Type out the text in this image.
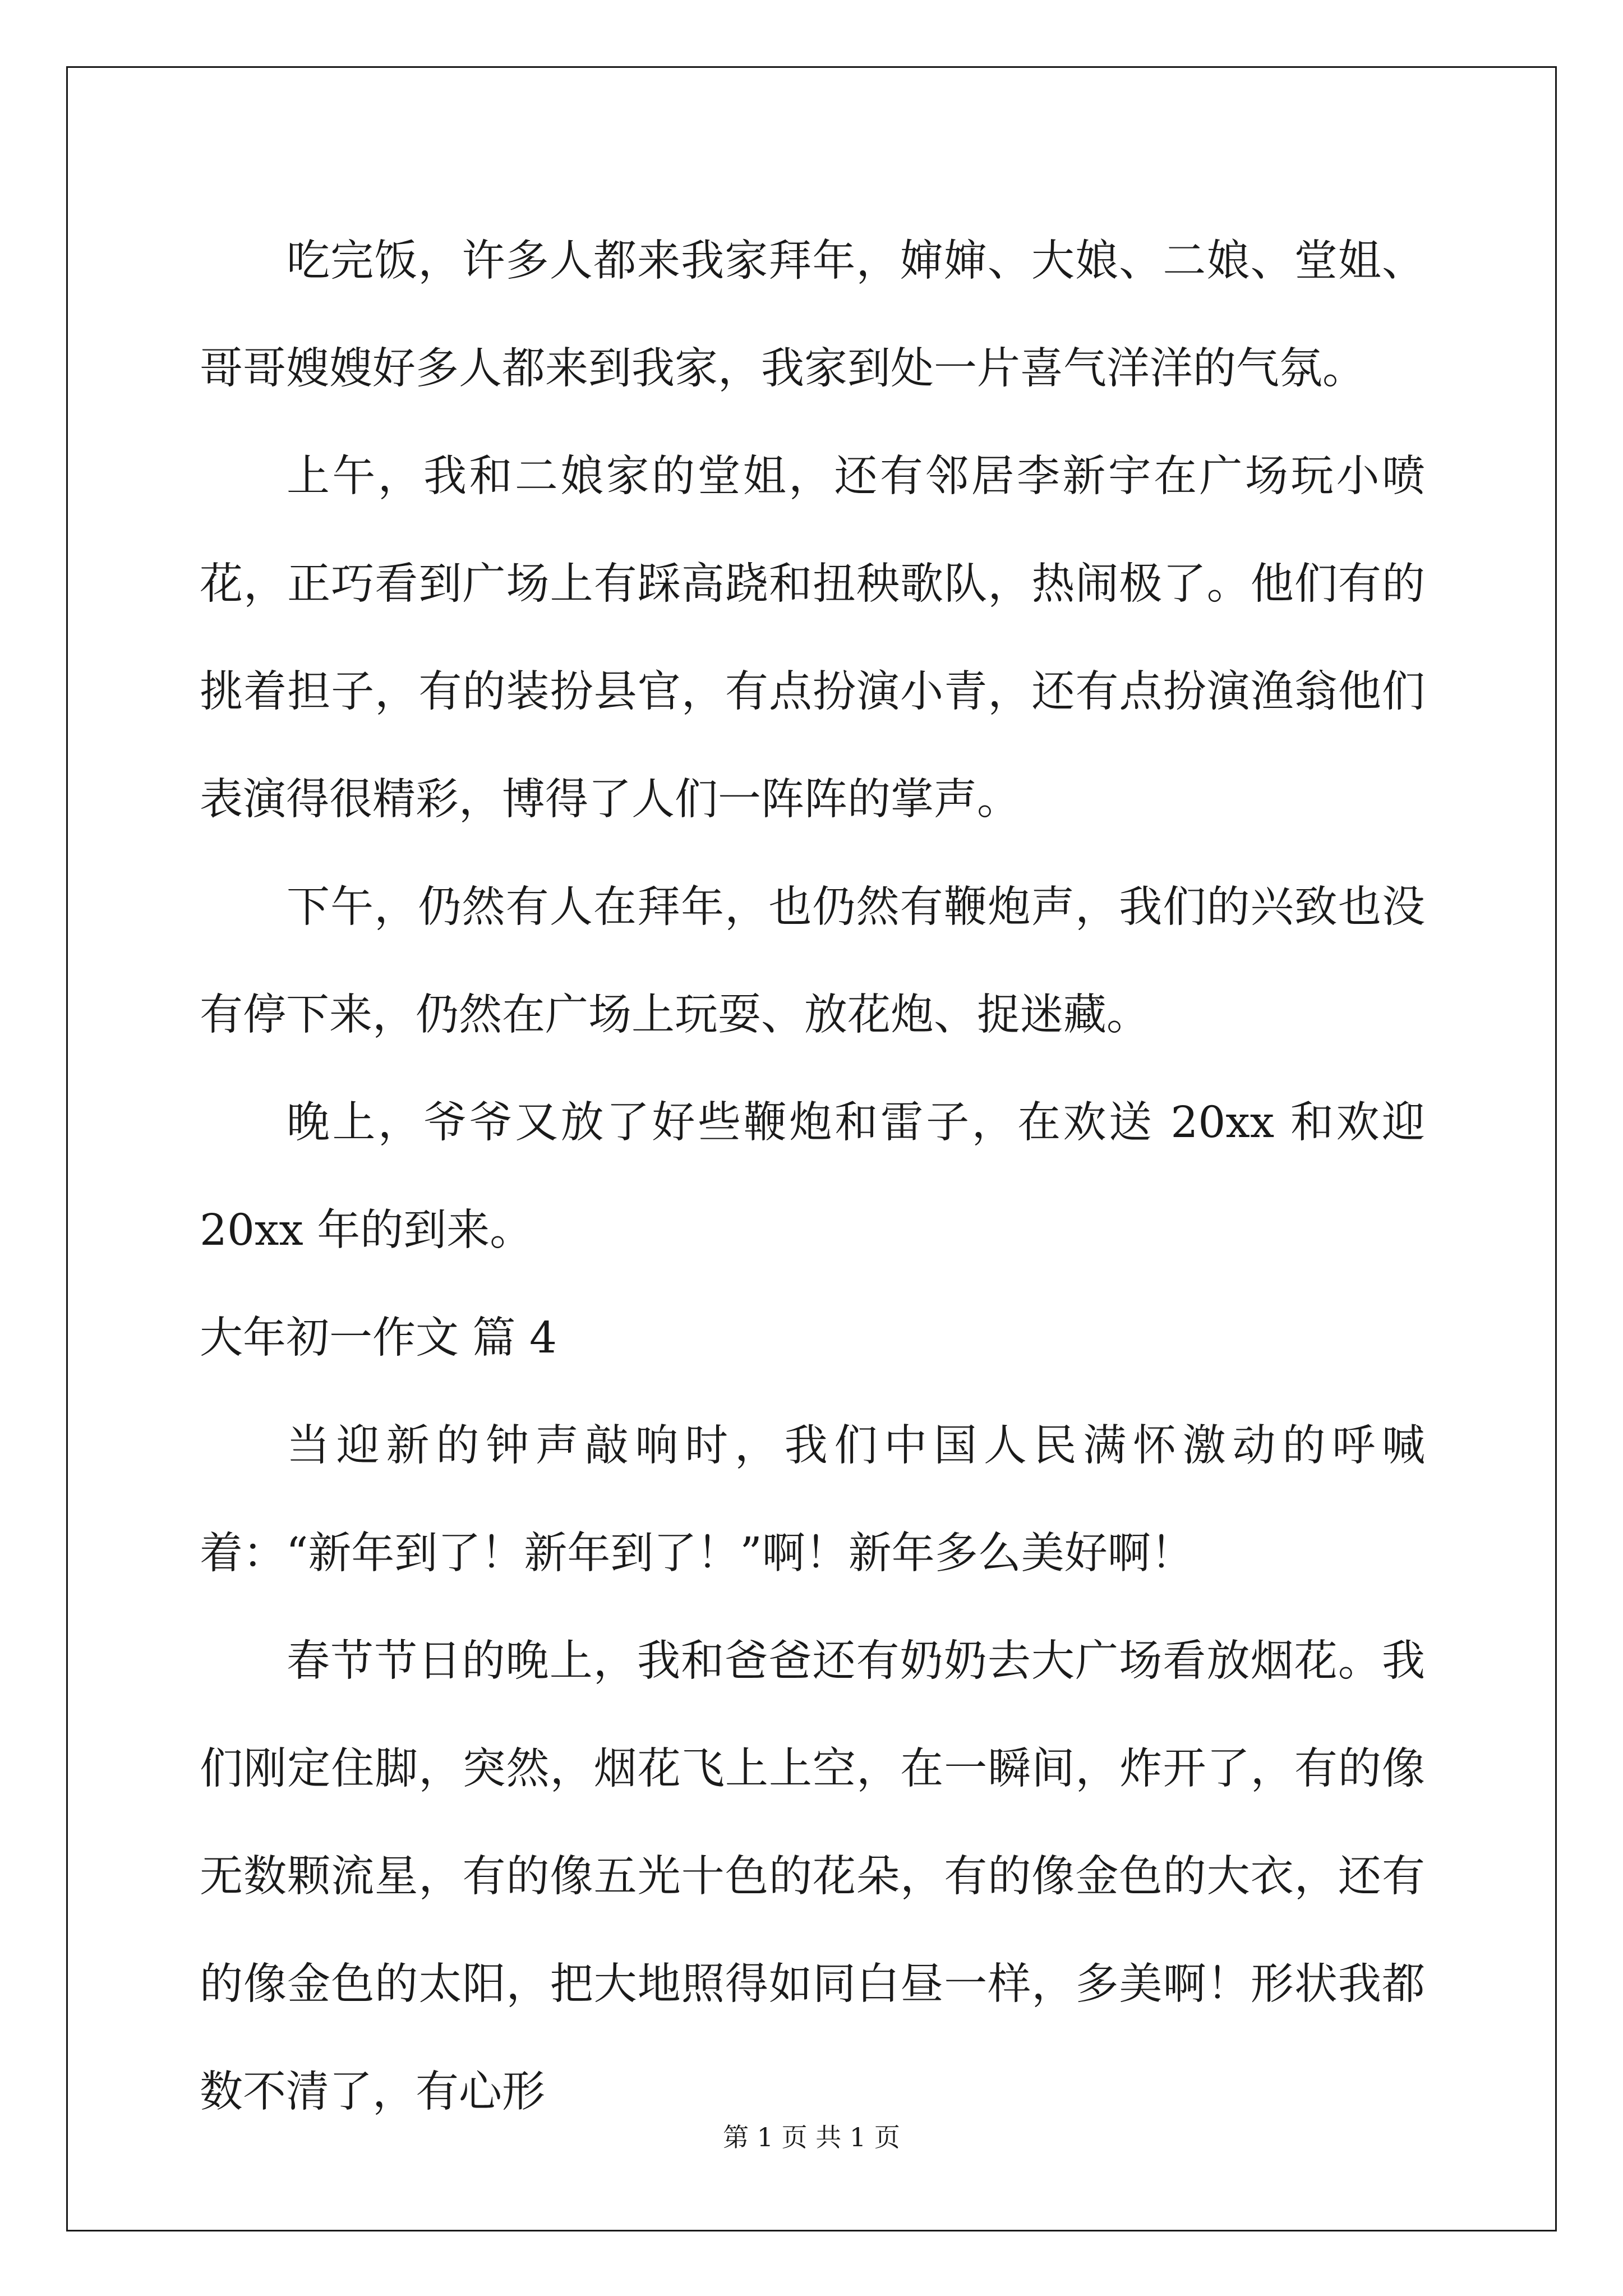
吃完饭，许多人都来我家拜年，婶婶、大娘、二娘、堂姐、哥哥嫂嫂好多人都来到我家，我家到处一片喜气洋洋的气氛。

上午，我和二娘家的堂姐，还有邻居李新宇在广场玩小喷花，正巧看到广场上有踩高跷和扭秧歌队，热闹极了。他们有的挑着担子，有的装扮县官，有点扮演小青，还有点扮演渔翁他们表演得很精彩，博得了人们一阵阵的掌声。

下午，仍然有人在拜年，也仍然有鞭炮声，我们的兴致也没有停下来，仍然在广场上玩耍、放花炮、捉迷藏。

晚上，爷爷又放了好些鞭炮和雷子，在欢送 20xx 和欢迎 20xx 年的到来。

大年初一作文 篇 4

当迎新的钟声敲响时，我们中国人民满怀激动的呼喊着：“新年到了！新年到了！”啊！新年多么美好啊！

春节节日的晚上，我和爸爸还有奶奶去大广场看放烟花。我们刚定住脚，突然，烟花飞上上空，在一瞬间，炸开了，有的像无数颗流星，有的像五光十色的花朵，有的像金色的大衣，还有的像金色的太阳，把大地照得如同白昼一样，多美啊！形状我都数不清了，有心形

第 1 页 共 1 页
